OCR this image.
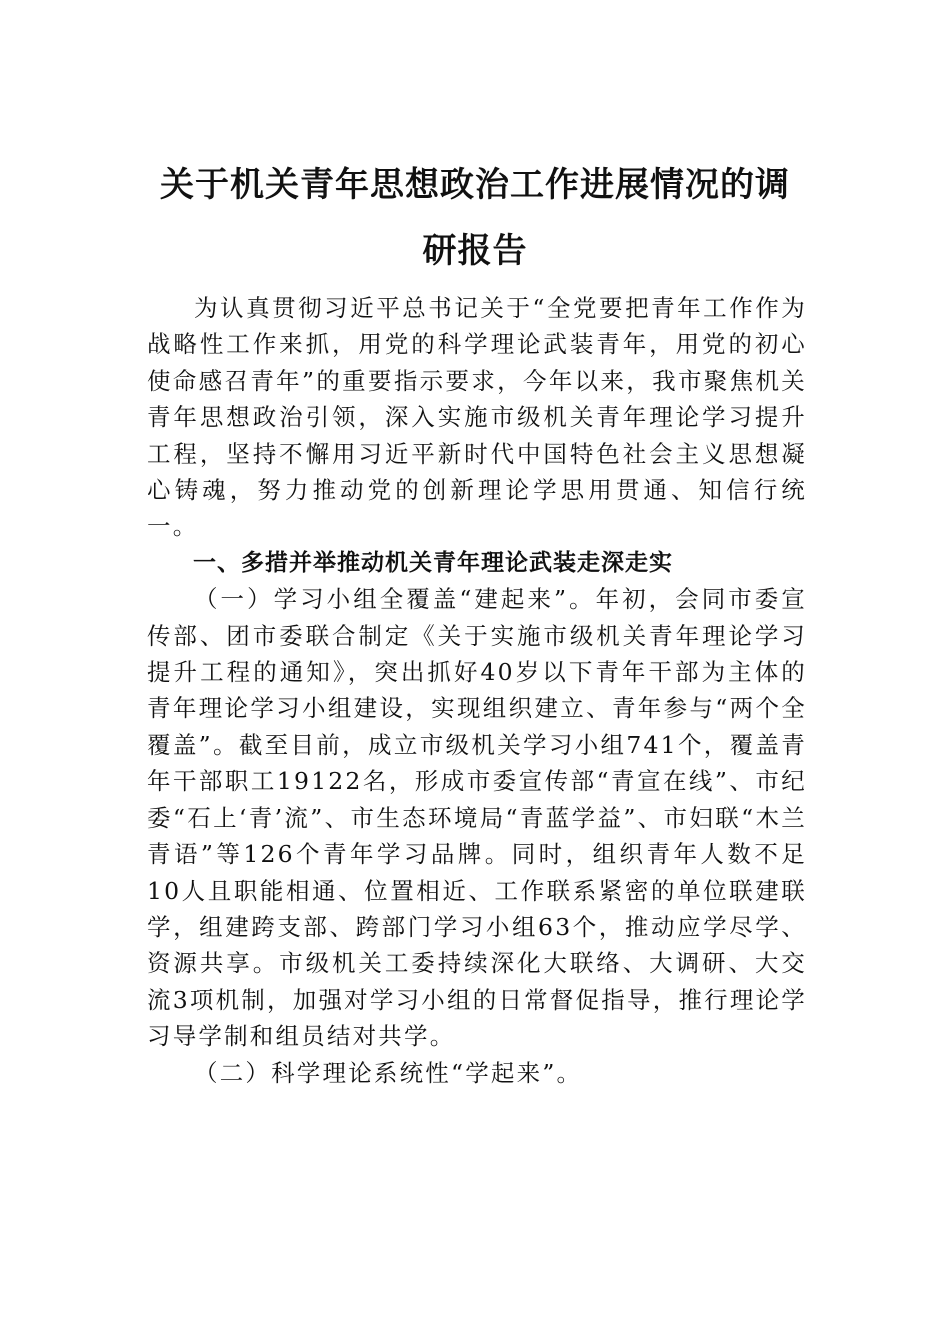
关于机关青年思想政治工作进展情况的调

研报告

为认真贯彻习近平总书记关于“全党要把青年工作作为战略性工作来抓，用党的科学理论武装青年，用党的初心使命感召青年”的重要指示要求，今年以来，我市聚焦机关青年思想政治引领，深入实施市级机关青年理论学习提升工程，坚持不懈用习近平新时代中国特色社会主义思想凝心铸魂，努力推动党的创新理论学思用贯通、知信行统一。

一、多措并举推动机关青年理论武装走深走实

（一）学习小组全覆盖“建起来”。年初，会同市委宣传部、团市委联合制定《关于实施市级机关青年理论学习提升工程的通知》，突出抓好40岁以下青年干部为主体的青年理论学习小组建设，实现组织建立、青年参与“两个全覆盖”。截至目前，成立市级机关学习小组741个，覆盖青年干部职工19122名，形成市委宣传部“青宣在线”、市纪委“石上‘青’流”、市生态环境局“青蓝学益”、市妇联“木兰青语”等126个青年学习品牌。同时，组织青年人数不足10人且职能相通、位置相近、工作联系紧密的单位联建联学，组建跨支部、跨部门学习小组63个，推动应学尽学、资源共享。市级机关工委持续深化大联络、大调研、大交流3项机制，加强对学习小组的日常督促指导，推行理论学习导学制和组员结对共学。

（二）科学理论系统性“学起来”。
